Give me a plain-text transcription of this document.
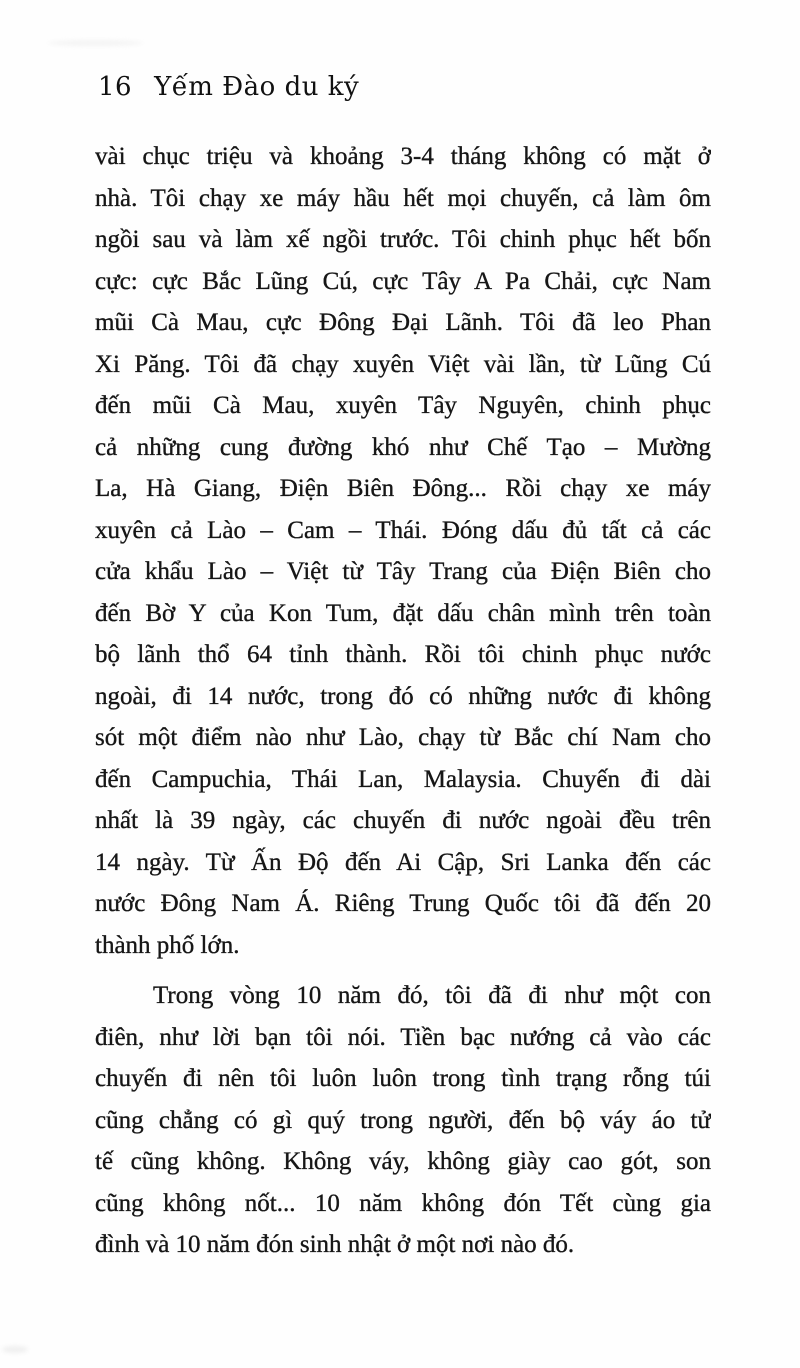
16 Yếm Đào du ký
vài chục triệu và khoảng 3-4 tháng không có mặt ở
nhà. Tôi chạy xe máy hầu hết mọi chuyến, cả làm ôm
ngồi sau và làm xế ngồi trước. Tôi chinh phục hết bốn
cực: cực Bắc Lũng Cú, cực Tây A Pa Chải, cực Nam
mũi Cà Mau, cực Đông Đại Lãnh. Tôi đã leo Phan
Xi Păng. Tôi đã chạy xuyên Việt vài lần, từ Lũng Cú
đến mũi Cà Mau, xuyên Tây Nguyên, chinh phục
cả những cung đường khó như Chế Tạo – Mường
La, Hà Giang, Điện Biên Đông... Rồi chạy xe máy
xuyên cả Lào – Cam – Thái. Đóng dấu đủ tất cả các
cửa khẩu Lào – Việt từ Tây Trang của Điện Biên cho
đến Bờ Y của Kon Tum, đặt dấu chân mình trên toàn
bộ lãnh thổ 64 tỉnh thành. Rồi tôi chinh phục nước
ngoài, đi 14 nước, trong đó có những nước đi không
sót một điểm nào như Lào, chạy từ Bắc chí Nam cho
đến Campuchia, Thái Lan, Malaysia. Chuyến đi dài
nhất là 39 ngày, các chuyến đi nước ngoài đều trên
14 ngày. Từ Ấn Độ đến Ai Cập, Sri Lanka đến các
nước Đông Nam Á. Riêng Trung Quốc tôi đã đến 20
thành phố lớn.
Trong vòng 10 năm đó, tôi đã đi như một con
điên, như lời bạn tôi nói. Tiền bạc nướng cả vào các
chuyến đi nên tôi luôn luôn trong tình trạng rỗng túi
cũng chẳng có gì quý trong người, đến bộ váy áo tử
tế cũng không. Không váy, không giày cao gót, son
cũng không nốt... 10 năm không đón Tết cùng gia
đình và 10 năm đón sinh nhật ở một nơi nào đó.
